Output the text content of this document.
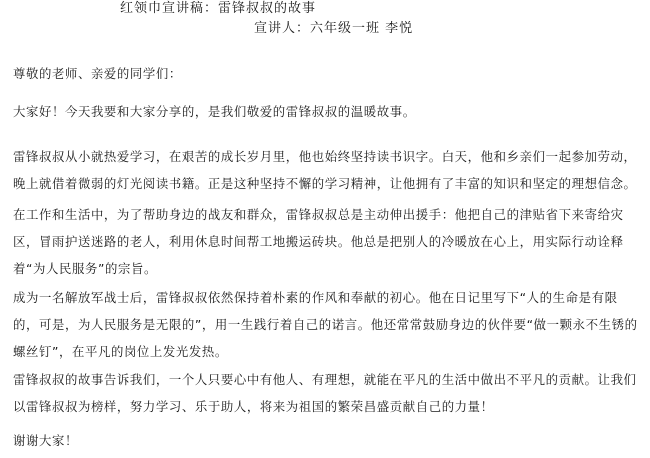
红领巾宣讲稿：雷锋叔叔的故事
宣讲人：六年级一班 李悦

尊敬的老师、亲爱的同学们：

大家好！今天我要和大家分享的，是我们敬爱的雷锋叔叔的温暖故事。

雷锋叔叔从小就热爱学习，在艰苦的成长岁月里，他也始终坚持读书识字。白天，他和乡亲们一起参加劳动，晚上就借着微弱的灯光阅读书籍。正是这种坚持不懈的学习精神，让他拥有了丰富的知识和坚定的理想信念。

在工作和生活中，为了帮助身边的战友和群众，雷锋叔叔总是主动伸出援手：他把自己的津贴省下来寄给灾区，冒雨护送迷路的老人，利用休息时间帮工地搬运砖块。他总是把别人的冷暖放在心上，用实际行动诠释着“为人民服务”的宗旨。

成为一名解放军战士后，雷锋叔叔依然保持着朴素的作风和奉献的初心。他在日记里写下“人的生命是有限的，可是，为人民服务是无限的”，用一生践行着自己的诺言。他还常常鼓励身边的伙伴要“做一颗永不生锈的螺丝钉”，在平凡的岗位上发光发热。

雷锋叔叔的故事告诉我们，一个人只要心中有他人、有理想，就能在平凡的生活中做出不平凡的贡献。让我们以雷锋叔叔为榜样，努力学习、乐于助人，将来为祖国的繁荣昌盛贡献自己的力量！

谢谢大家！
